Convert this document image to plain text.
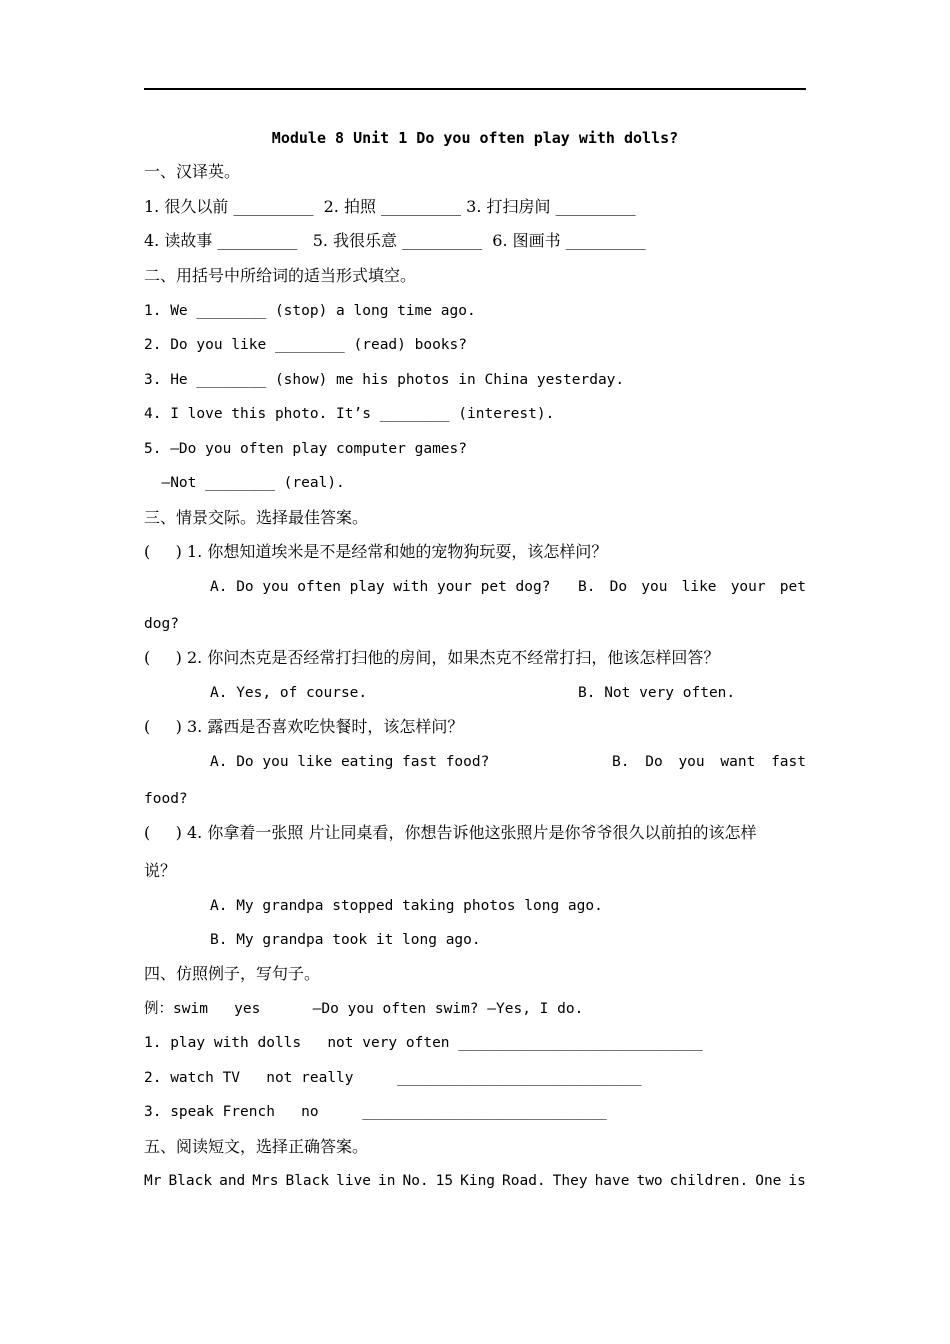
Module 8 Unit 1 Do you often play with dolls?
一、汉译英。
1. 很久以前 __________  2. 拍照 __________ 3. 打扫房间 __________
4. 读故事 __________   5. 我很乐意 __________  6. 图画书 __________
二、用括号中所给词的适当形式填空。
1. We ________ (stop) a long time ago.
2. Do you like ________ (read) books?
3. He ________ (show) me his photos in China yesterday.
4. I love this photo. It’s ________ (interest).
5. —Do you often play computer games?
—Not ________ (real).
三、情景交际。选择最佳答案。
(     ) 1. 你想知道埃米是不是经常和她的宠物狗玩耍，该怎样问？
A. Do you often play with your pet dog? B. Do you like your pet
dog?
(     ) 2. 你问杰克是否经常打扫他的房间，如果杰克不经常打扫，他该怎样回答？
A. Yes, of course.	B. Not very often.
(     ) 3. 露西是否喜欢吃快餐时，该怎样问？
A. Do you like eating fast food?	B. Do you want fast
food?
(     ) 4. 你拿着一张照 片让同桌看，你想告诉他这张照片是你爷爷很久以前拍的该怎样
说？
A. My grandpa stopped taking photos long ago.
B. My grandpa took it long ago.
四、仿照例子，写句子。
例：swim   yes      —Do you often swim? —Yes, I do.
1. play with dolls   not very often ____________________________
2. watch TV   not really     ____________________________
3. speak French   no     ____________________________
五、阅读短文，选择正确答案。
Mr Black and Mrs Black live in No. 15 King Road. They have two children. One is
